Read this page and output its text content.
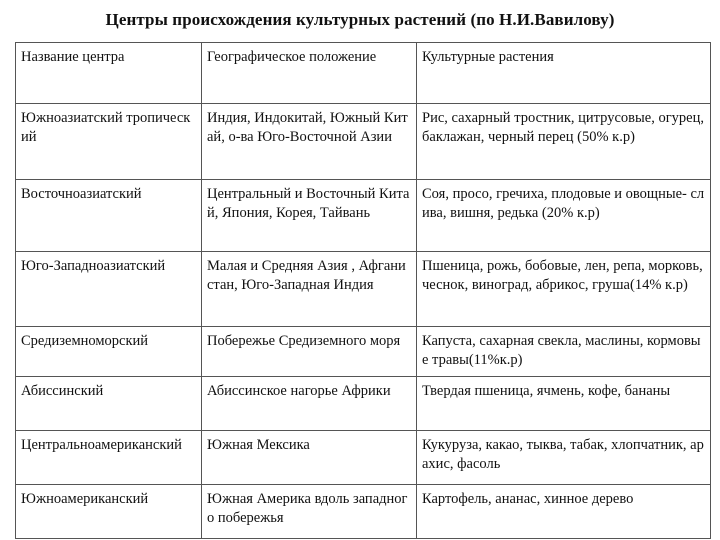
Центры происхождения культурных растений (по Н.И.Вавилову)
Название центра	Географическое положение	Культурные растения
Южноазиатский тропический	Индия, Индокитай, Южный Китай, о-ва Юго-Восточной Азии	Рис, сахарный тростник, цитрусовые, огурец, баклажан, черный перец (50% к.р)
Восточноазиатский	Центральный и Восточный Китай, Япония, Корея, Тайвань	Соя, просо, гречиха, плодовые и овощные- слива, вишня, редька (20% к.р)
Юго-Западноазиатский	Малая и Средняя Азия , Афганистан, Юго-Западная Индия	Пшеница, рожь, бобовые, лен, репа, морковь, чеснок, виноград, абрикос, груша(14% к.р)
Средиземноморский	Побережье Средиземного моря	Капуста, сахарная свекла, маслины, кормовые травы(11%к.р)
Абиссинский	Абиссинское нагорье Африки	Твердая пшеница, ячмень, кофе, бананы
Центральноамериканский	Южная Мексика	Кукуруза, какао, тыква, табак, хлопчатник, арахис, фасоль
Южноамериканский	Южная Америка вдоль западного побережья	Картофель, ананас, хинное дерево
